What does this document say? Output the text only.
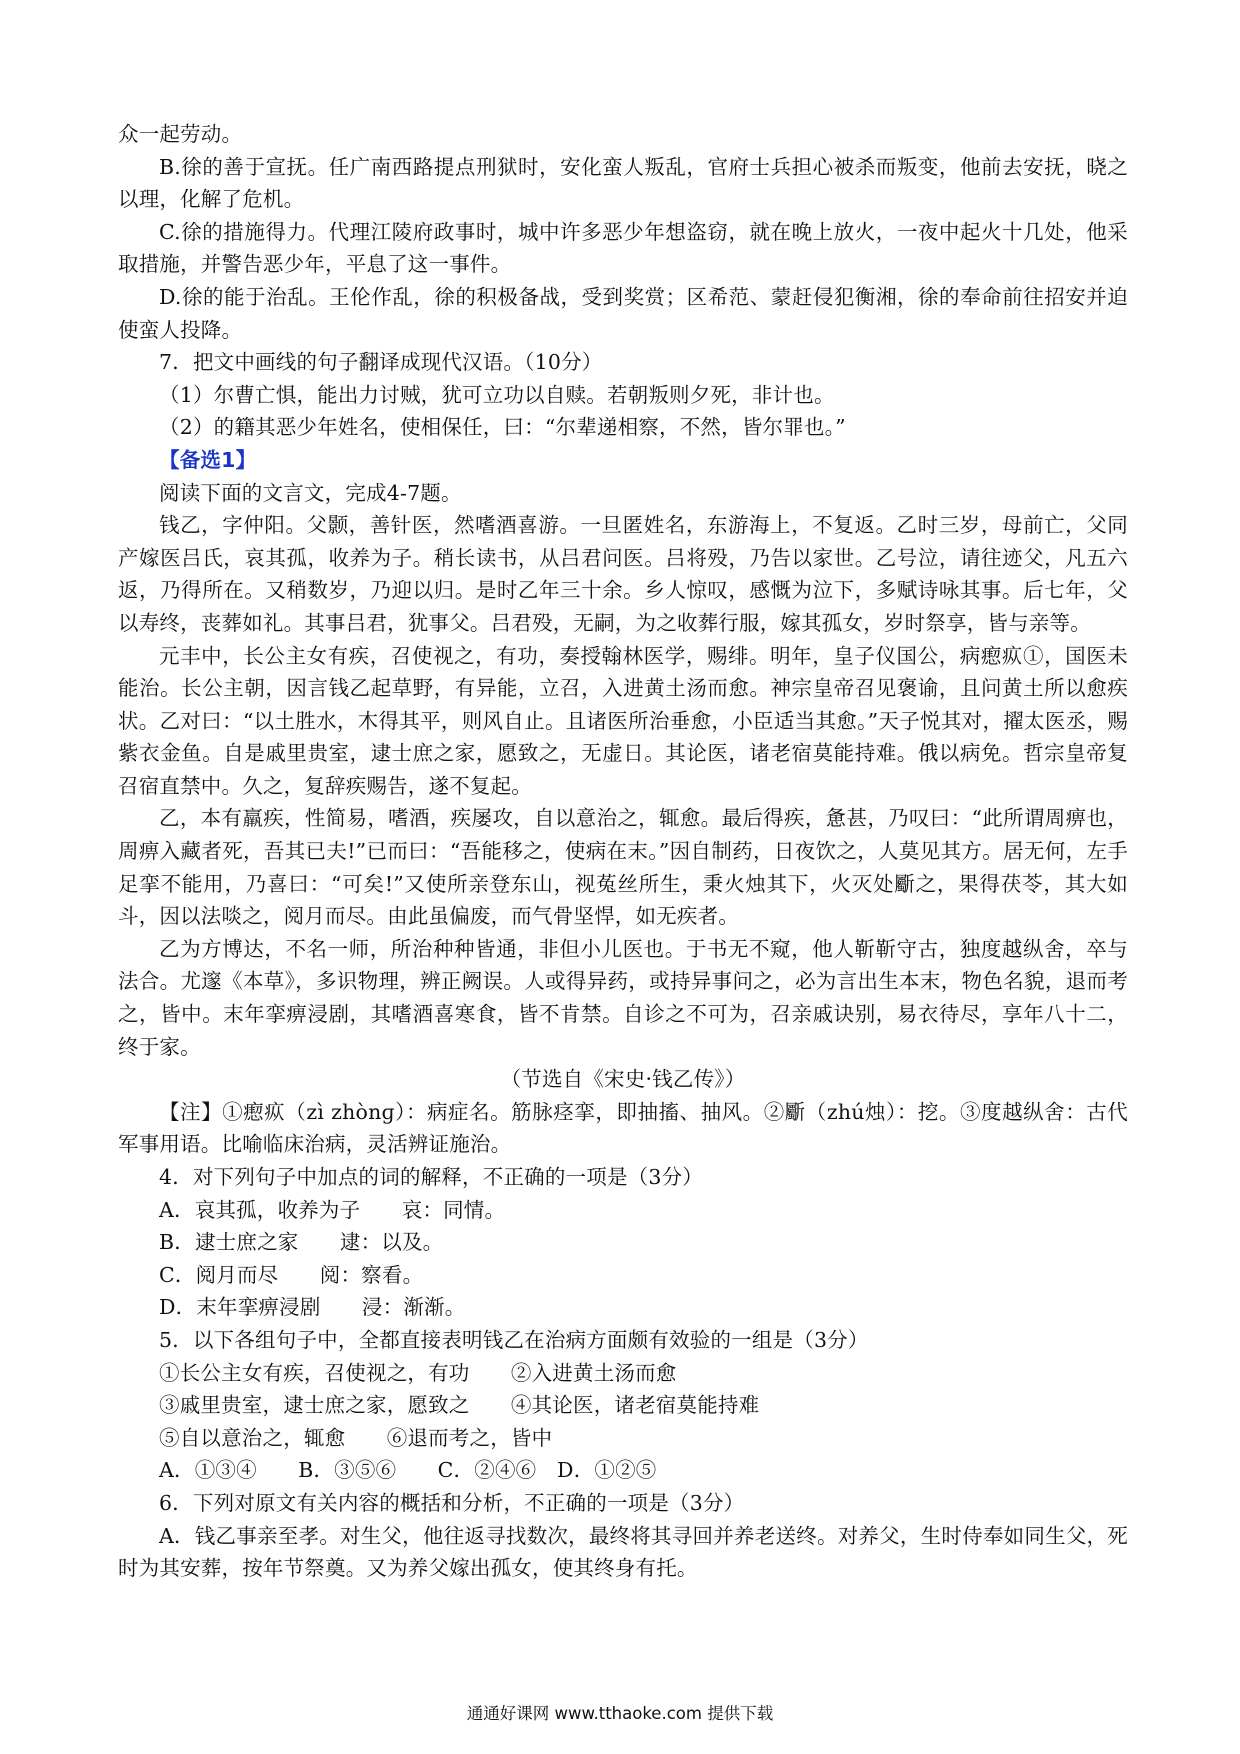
众一起劳动。

B.徐的善于宣抚。任广南西路提点刑狱时，安化蛮人叛乱，官府士兵担心被杀而叛变，他前去安抚，晓之以理，化解了危机。

C.徐的措施得力。代理江陵府政事时，城中许多恶少年想盗窃，就在晚上放火，一夜中起火十几处，他采取措施，并警告恶少年，平息了这一事件。

D.徐的能于治乱。王伦作乱，徐的积极备战，受到奖赏；区希范、蒙赶侵犯衡湘，徐的奉命前往招安并迫使蛮人投降。

7．把文中画线的句子翻译成现代汉语。（10分）

（1）尔曹亡惧，能出力讨贼，犹可立功以自赎。若朝叛则夕死，非计也。

（2）的籍其恶少年姓名，使相保任，曰：“尔辈递相察，不然，皆尔罪也。”

【备选1】

阅读下面的文言文，完成4-7题。

钱乙，字仲阳。父颢，善针医，然嗜酒喜游。一旦匿姓名，东游海上，不复返。乙时三岁，母前亡，父同产嫁医吕氏，哀其孤，收养为子。稍长读书，从吕君问医。吕将殁，乃告以家世。乙号泣，请往迹父，凡五六返，乃得所在。又稍数岁，乃迎以归。是时乙年三十余。乡人惊叹，感慨为泣下，多赋诗咏其事。后七年，父以寿终，丧葬如礼。其事吕君，犹事父。吕君殁，无嗣，为之收葬行服，嫁其孤女，岁时祭享，皆与亲等。

元丰中，长公主女有疾，召使视之，有功，奏授翰林医学，赐绯。明年，皇子仪国公，病瘛疭①，国医未能治。长公主朝，因言钱乙起草野，有异能，立召，入进黄土汤而愈。神宗皇帝召见褒谕，且问黄土所以愈疾状。乙对曰：“以土胜水，木得其平，则风自止。且诸医所治垂愈，小臣适当其愈。”天子悦其对，擢太医丞，赐紫衣金鱼。自是戚里贵室，逮士庶之家，愿致之，无虚日。其论医，诸老宿莫能持难。俄以病免。哲宗皇帝复召宿直禁中。久之，复辞疾赐告，遂不复起。

乙，本有羸疾，性简易，嗜酒，疾屡攻，自以意治之，辄愈。最后得疾，惫甚，乃叹曰：“此所谓周痹也，周痹入藏者死，吾其已夫!”已而曰：“吾能移之，使病在末。”因自制药，日夜饮之，人莫见其方。居无何，左手足挛不能用，乃喜曰：“可矣!”又使所亲登东山，视菟丝所生，秉火烛其下，火灭处斸之，果得茯苓，其大如斗，因以法啖之，阅月而尽。由此虽偏废，而气骨坚悍，如无疾者。

乙为方博达，不名一师，所治种种皆通，非但小儿医也。于书无不窥，他人靳靳守古，独度越纵舍，卒与法合。尤邃《本草》，多识物理，辨正阙误。人或得异药，或持异事问之，必为言出生本末，物色名貌，退而考之，皆中。末年挛痹浸剧，其嗜酒喜寒食，皆不肯禁。自诊之不可为，召亲戚诀别，易衣待尽，享年八十二，终于家。

（节选自《宋史·钱乙传》）

【注】①瘛疭（zì zhònɡ）：病症名。筋脉痉挛，即抽搐、抽风。②斸（zhú烛）：挖。③度越纵舍：古代军事用语。比喻临床治病，灵活辨证施治。

4．对下列句子中加点的词的解释，不正确的一项是（3分）

A．哀其孤，收养为子　　哀：同情。

B．逮士庶之家　　逮：以及。

C．阅月而尽　　阅：察看。

D．末年挛痹浸剧　　浸：渐渐。

5．以下各组句子中，全都直接表明钱乙在治病方面颇有效验的一组是（3分）

①长公主女有疾，召使视之，有功　　②入进黄土汤而愈

③戚里贵室，逮士庶之家，愿致之　　④其论医，诸老宿莫能持难

⑤自以意治之，辄愈　　⑥退而考之，皆中

A．①③④　　B．③⑤⑥　　C．②④⑥　D．①②⑤

6．下列对原文有关内容的概括和分析，不正确的一项是（3分）

A．钱乙事亲至孝。对生父，他往返寻找数次，最终将其寻回并养老送终。对养父，生时侍奉如同生父，死时为其安葬，按年节祭奠。又为养父嫁出孤女，使其终身有托。

通通好课网 www.tthaoke.com 提供下载
